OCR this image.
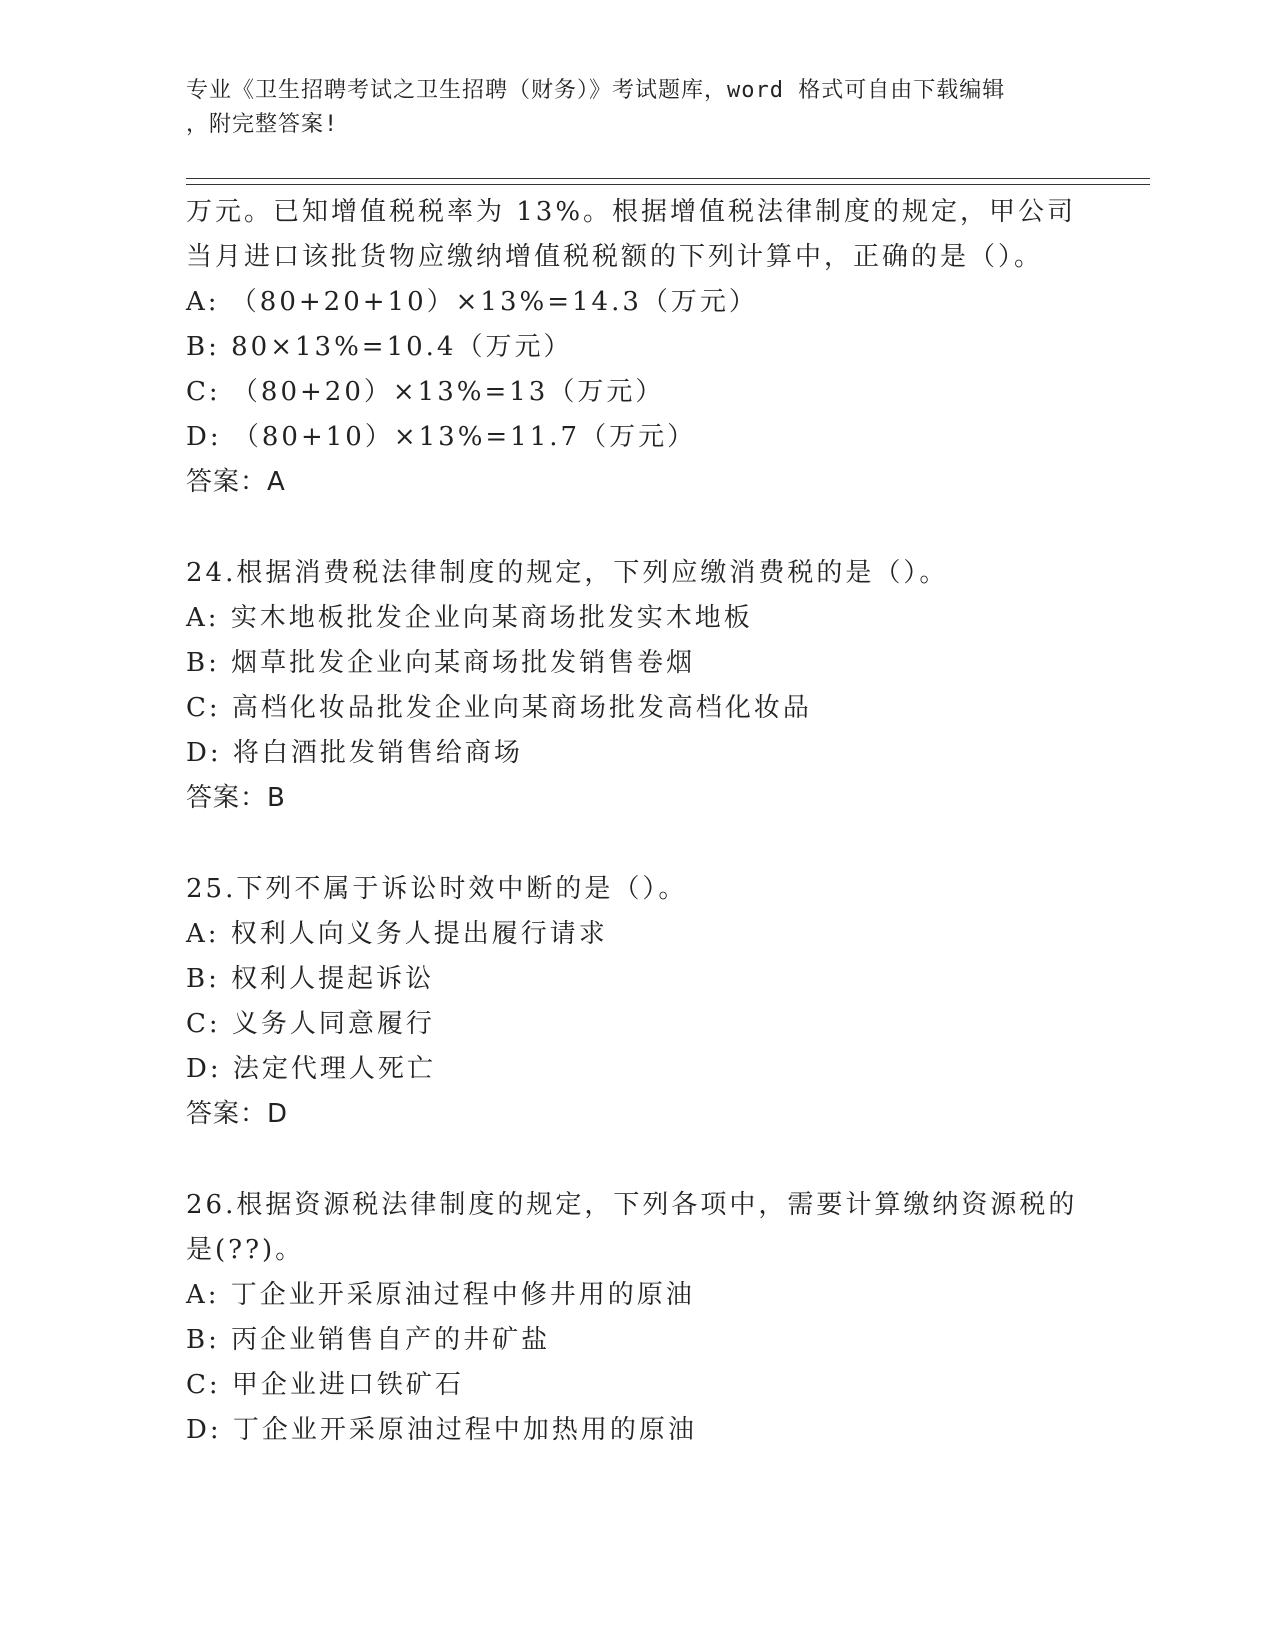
专业《卫生招聘考试之卫生招聘（财务）》考试题库，word 格式可自由下载编辑
，附完整答案!
万元。已知增值税税率为 13%。根据增值税法律制度的规定，甲公司
当月进口该批货物应缴纳增值税税额的下列计算中，正确的是（）。
A: （80+20+10）×13%=14.3（万元）
B: 80×13%=10.4（万元）
C: （80+20）×13%=13（万元）
D: （80+10）×13%=11.7（万元）
答案：A
24.根据消费税法律制度的规定，下列应缴消费税的是（）。
A: 实木地板批发企业向某商场批发实木地板
B: 烟草批发企业向某商场批发销售卷烟
C: 高档化妆品批发企业向某商场批发高档化妆品
D: 将白酒批发销售给商场
答案：B
25.下列不属于诉讼时效中断的是（）。
A: 权利人向义务人提出履行请求
B: 权利人提起诉讼
C: 义务人同意履行
D: 法定代理人死亡
答案：D
26.根据资源税法律制度的规定，下列各项中，需要计算缴纳资源税的
是(??)。
A: 丁企业开采原油过程中修井用的原油
B: 丙企业销售自产的井矿盐
C: 甲企业进口铁矿石
D: 丁企业开采原油过程中加热用的原油
